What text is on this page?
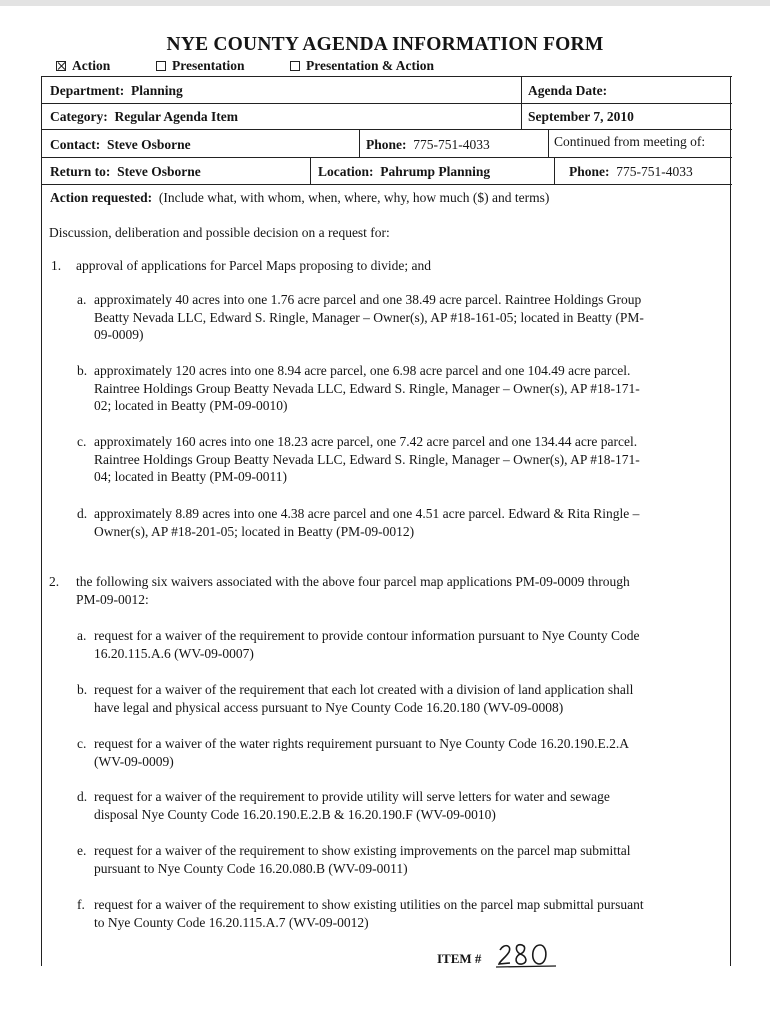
NYE COUNTY AGENDA INFORMATION FORM
Action	Presentation	Presentation & Action
Department: Planning	Agenda Date:
Category: Regular Agenda Item	September 7, 2010
Contact: Steve Osborne	Phone: 775-751-4033	Continued from meeting of:
Return to: Steve Osborne	Location: Pahrump Planning	Phone: 775-751-4033
Action requested: (Include what, with whom, when, where, why, how much ($) and terms)
Discussion, deliberation and possible decision on a request for:
1. approval of applications for Parcel Maps proposing to divide; and
a. approximately 40 acres into one 1.76 acre parcel and one 38.49 acre parcel. Raintree Holdings Group
Beatty Nevada LLC, Edward S. Ringle, Manager – Owner(s), AP #18-161-05; located in Beatty (PM-
09-0009)
b. approximately 120 acres into one 8.94 acre parcel, one 6.98 acre parcel and one 104.49 acre parcel.
Raintree Holdings Group Beatty Nevada LLC, Edward S. Ringle, Manager – Owner(s), AP #18-171-
02; located in Beatty (PM-09-0010)
c. approximately 160 acres into one 18.23 acre parcel, one 7.42 acre parcel and one 134.44 acre parcel.
Raintree Holdings Group Beatty Nevada LLC, Edward S. Ringle, Manager – Owner(s), AP #18-171-
04; located in Beatty (PM-09-0011)
d. approximately 8.89 acres into one 4.38 acre parcel and one 4.51 acre parcel. Edward & Rita Ringle –
Owner(s), AP #18-201-05; located in Beatty (PM-09-0012)
2. the following six waivers associated with the above four parcel map applications PM-09-0009 through
PM-09-0012:
a. request for a waiver of the requirement to provide contour information pursuant to Nye County Code
16.20.115.A.6 (WV-09-0007)
b. request for a waiver of the requirement that each lot created with a division of land application shall
have legal and physical access pursuant to Nye County Code 16.20.180 (WV-09-0008)
c. request for a waiver of the water rights requirement pursuant to Nye County Code 16.20.190.E.2.A
(WV-09-0009)
d. request for a waiver of the requirement to provide utility will serve letters for water and sewage
disposal Nye County Code 16.20.190.E.2.B & 16.20.190.F (WV-09-0010)
e. request for a waiver of the requirement to show existing improvements on the parcel map submittal
pursuant to Nye County Code 16.20.080.B (WV-09-0011)
f. request for a waiver of the requirement to show existing utilities on the parcel map submittal pursuant
to Nye County Code 16.20.115.A.7 (WV-09-0012)
ITEM #
